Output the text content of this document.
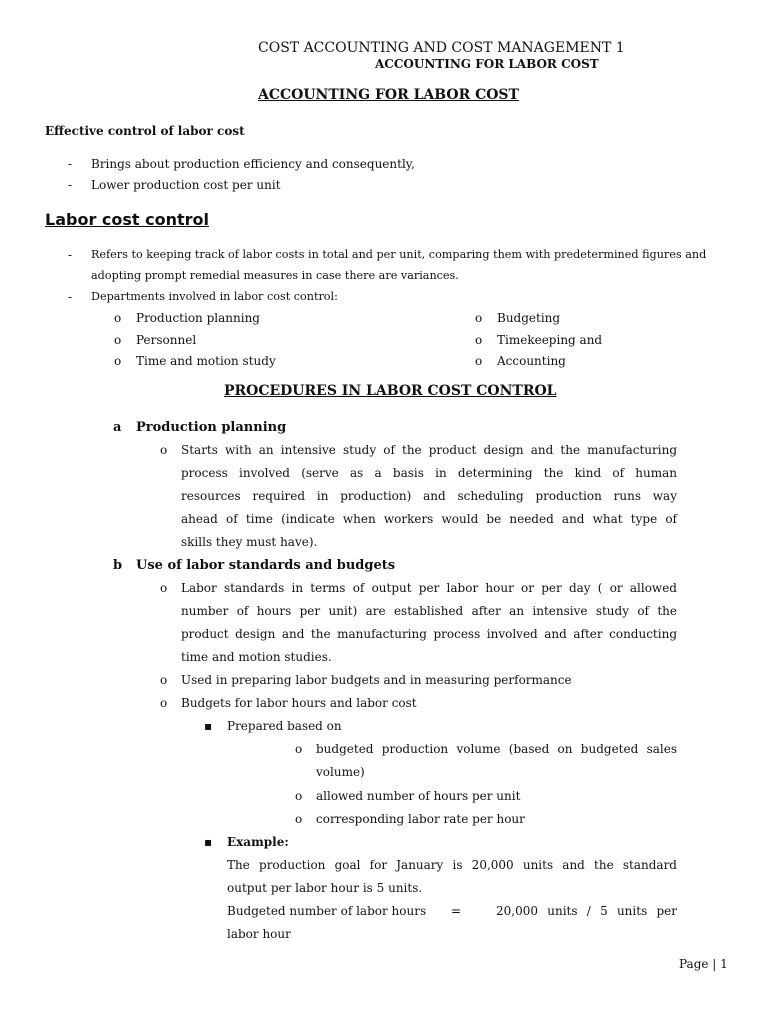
COST ACCOUNTING AND COST MANAGEMENT 1
ACCOUNTING FOR LABOR COST
ACCOUNTING FOR LABOR COST
Effective control of labor cost
- Brings about production efficiency and consequently,
- Lower production cost per unit
Labor cost control
- Refers to keeping track of labor costs in total and per unit, comparing them with predetermined figures and
adopting prompt remedial measures in case there are variances.
- Departments involved in labor cost control:
o Production planning
o Personnel
o Time and motion study
o Budgeting
o Timekeeping and
o Accounting
PROCEDURES IN LABOR COST CONTROL
a Production planning
o Starts with an intensive study of the product design and the manufacturing
process involved (serve as a basis in determining the kind of human
resources required in production) and scheduling production runs way
ahead of time (indicate when workers would be needed and what type of
skills they must have).
b Use of labor standards and budgets
o Labor standards in terms of output per labor hour or per day ( or allowed
number of hours per unit) are established after an intensive study of the
product design and the manufacturing process involved and after conducting
time and motion studies.
o Used in preparing labor budgets and in measuring performance
o Budgets for labor hours and labor cost
▪ Prepared based on
o budgeted production volume (based on budgeted sales
volume)
o allowed number of hours per unit
o corresponding labor rate per hour
▪ Example:
The production goal for January is 20,000 units and the standard
output per labor hour is 5 units.
Budgeted number of labor hours =	20,000 units / 5 units per
labor hour
Page | 1
